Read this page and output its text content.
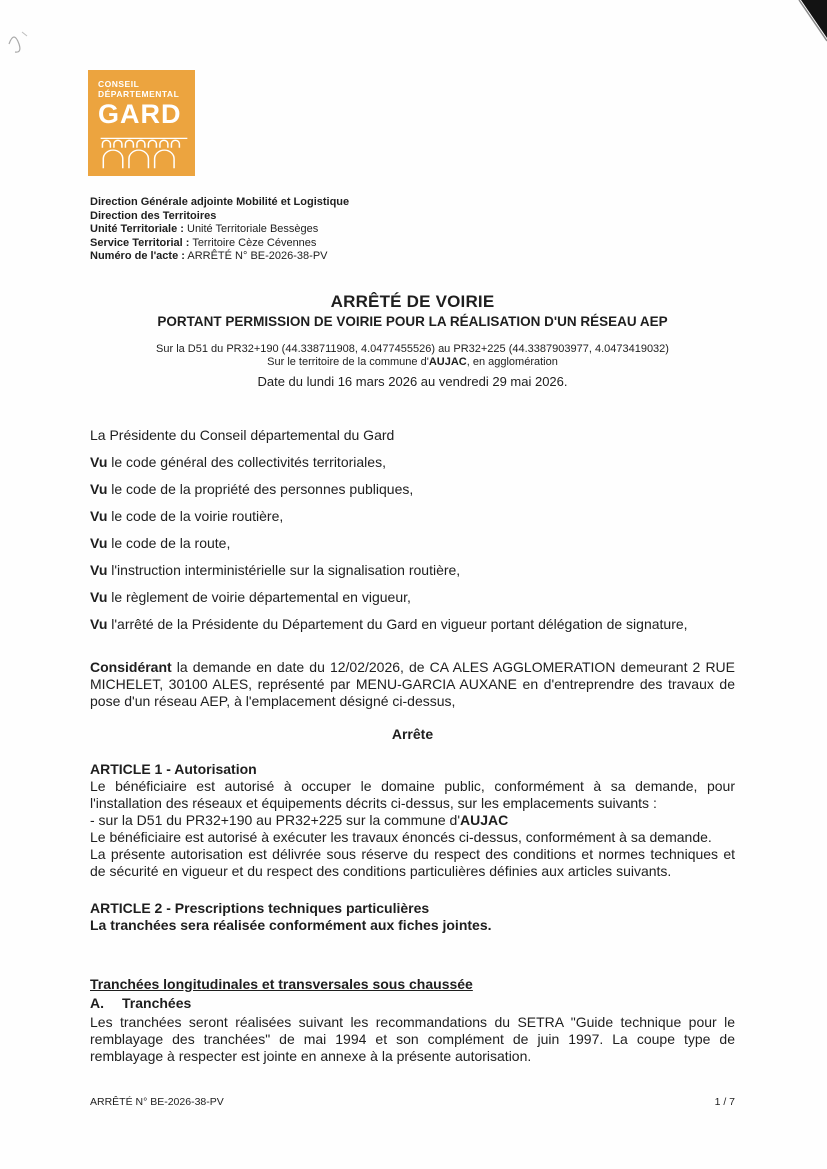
CONSEIL
DÉPARTEMENTAL
GARD
Direction Générale adjointe Mobilité et Logistique
Direction des Territoires
Unité Territoriale : Unité Territoriale Bessèges
Service Territorial : Territoire Cèze Cévennes
Numéro de l'acte : ARRÊTÉ N° BE-2026-38-PV
ARRÊTÉ DE VOIRIE
PORTANT PERMISSION DE VOIRIE POUR LA RÉALISATION D'UN RÉSEAU AEP
Sur la D51 du PR32+190 (44.338711908, 4.0477455526) au PR32+225 (44.3387903977, 4.0473419032)
Sur le territoire de la commune d'AUJAC, en agglomération
Date du lundi 16 mars 2026 au vendredi 29 mai 2026.
La Présidente du Conseil départemental du Gard
Vu le code général des collectivités territoriales,
Vu le code de la propriété des personnes publiques,
Vu le code de la voirie routière,
Vu le code de la route,
Vu l'instruction interministérielle sur la signalisation routière,
Vu le règlement de voirie départemental en vigueur,
Vu l'arrêté de la Présidente du Département du Gard en vigueur portant délégation de signature,
Considérant la demande en date du 12/02/2026, de CA ALES AGGLOMERATION demeurant 2 RUE MICHELET, 30100 ALES, représenté par MENU-GARCIA AUXANE en d'entreprendre des travaux de pose d'un réseau AEP, à l'emplacement désigné ci-dessus,
Arrête
ARTICLE 1 - Autorisation

Le bénéficiaire est autorisé à occuper le domaine public, conformément à sa demande, pour l'installation des réseaux et équipements décrits ci-dessus, sur les emplacements suivants :

- sur la D51 du PR32+190 au PR32+225 sur la commune d'AUJAC

Le bénéficiaire est autorisé à exécuter les travaux énoncés ci-dessus, conformément à sa demande.

La présente autorisation est délivrée sous réserve du respect des conditions et normes techniques et de sécurité en vigueur et du respect des conditions particulières définies aux articles suivants.

ARTICLE 2 - Prescriptions techniques particulières
La tranchées sera réalisée conformément aux fiches jointes.
Tranchées longitudinales et transversales sous chaussée
A. Tranchées

Les tranchées seront réalisées suivant les recommandations du SETRA "Guide technique pour le remblayage des tranchées" de mai 1994 et son complément de juin 1997. La coupe type de remblayage à respecter est jointe en annexe à la présente autorisation.

ARRÊTÉ N° BE-2026-38-PV	1 / 7
